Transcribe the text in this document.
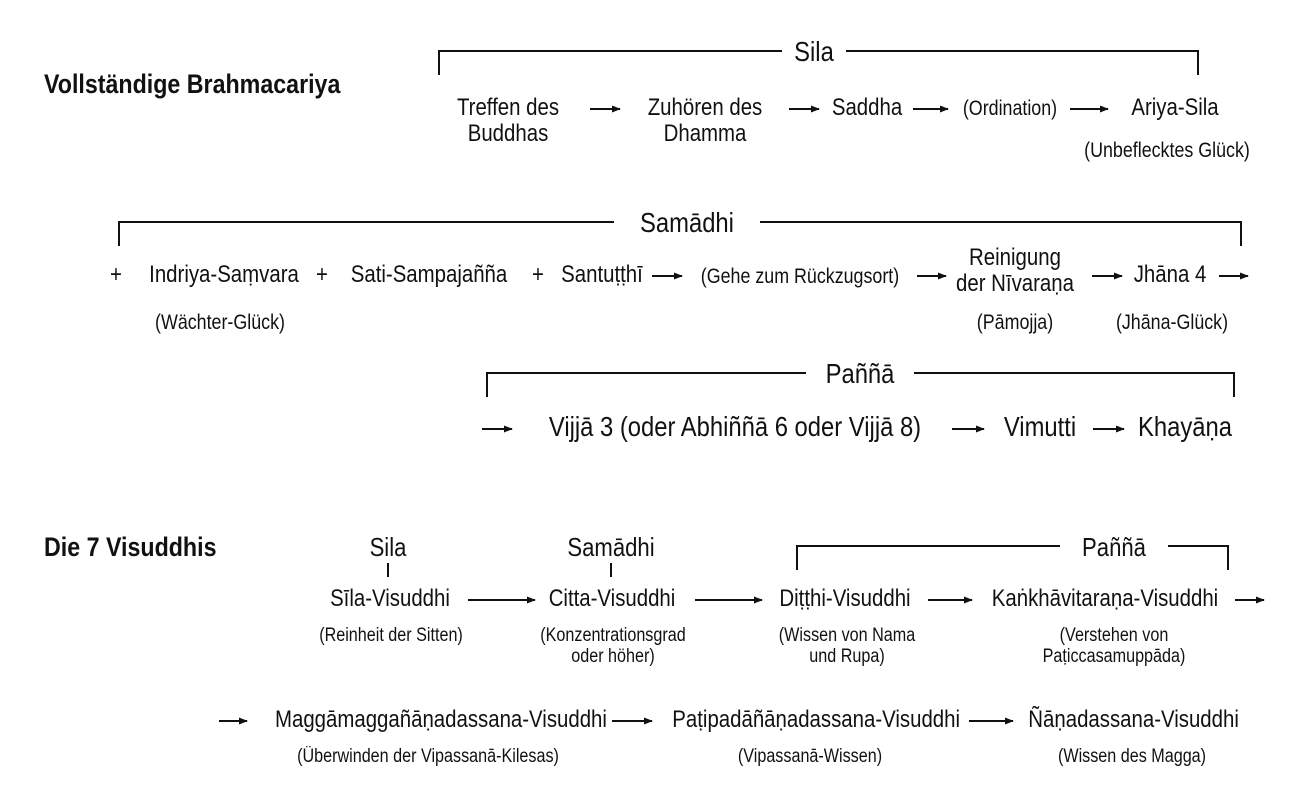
Vollständige Brahmacariya
Die 7 Visuddhis
Sila
Samādhi
Paññā
Treffen des
Buddhas
Zuhören des
Dhamma
Saddha	(Ordination)	Ariya-Sila
(Unbeflecktes Glück)
+	Indriya-Saṃvara + Sati-Sampajañña	+ Santuṭṭhī	(Gehe zum Rückzugsort)
Reinigung
der Nīvaraṇa
(Pāmojja)
Jhāna 4
(Wächter-Glück)	(Jhāna-Glück)
Vijjā 3 (oder Abhiññā 6 oder Vijjā 8)	Vimutti	Khayāṇa
Sila	Samādhi	Paññā
Sīla-Visuddhi
(Reinheit der Sitten)
Citta-Visuddhi
(Konzentrationsgrad
oder höher)
Diṭṭhi-Visuddhi
(Wissen von Nama
und Rupa)
Kaṅkhāvitaraṇa-Visuddhi
(Verstehen von
Paṭiccasamuppāda)
Maggāmaggañāṇadassana-Visuddhi
(Überwinden der Vipassanā-Kilesas)
Paṭipadāñāṇadassana-Visuddhi
(Vipassanā-Wissen)
Ñāṇadassana-Visuddhi
(Wissen des Magga)
